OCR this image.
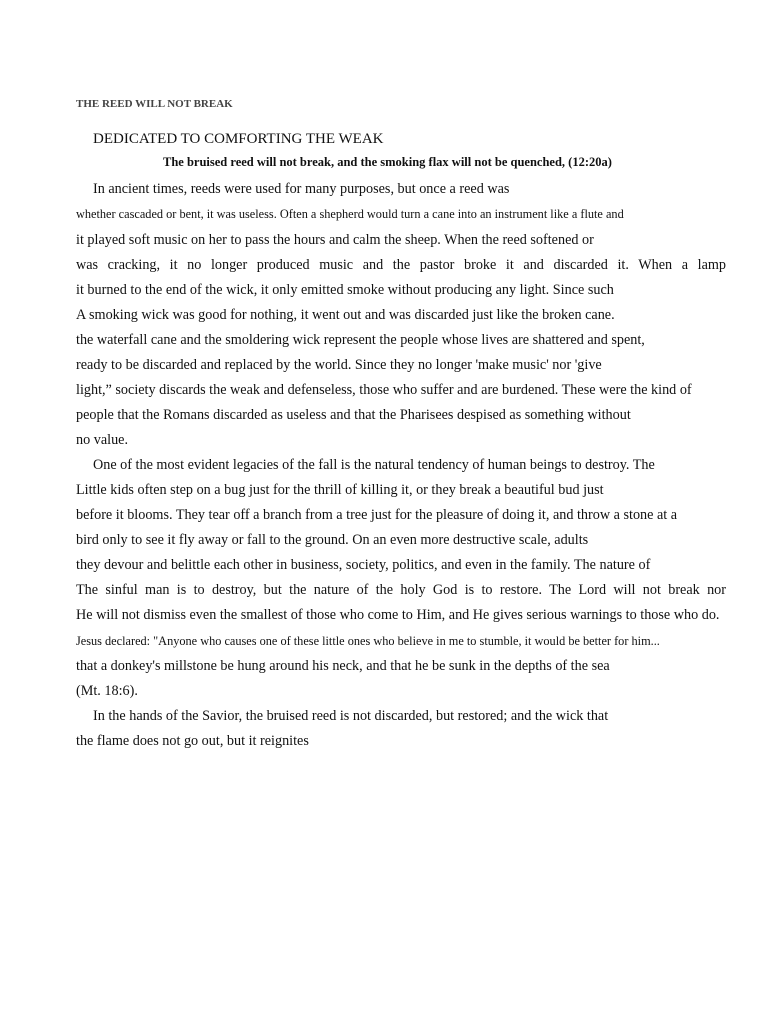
THE REED WILL NOT BREAK
DEDICATED TO COMFORTING THE WEAK
The bruised reed will not break, and the smoking flax will not be quenched, (12:20a)
In ancient times, reeds were used for many purposes, but once a reed was
whether cascaded or bent, it was useless. Often a shepherd would turn a cane into an instrument like a flute and
it played soft music on her to pass the hours and calm the sheep. When the reed softened or
was cracking, it no longer produced music and the pastor broke it and discarded it. When a lamp
it burned to the end of the wick, it only emitted smoke without producing any light. Since such
A smoking wick was good for nothing, it went out and was discarded just like the broken cane.
the waterfall cane and the smoldering wick represent the people whose lives are shattered and spent,
ready to be discarded and replaced by the world. Since they no longer 'make music' nor 'give
light,” society discards the weak and defenseless, those who suffer and are burdened. These were the kind of
people that the Romans discarded as useless and that the Pharisees despised as something without
no value.
One of the most evident legacies of the fall is the natural tendency of human beings to destroy. The
Little kids often step on a bug just for the thrill of killing it, or they break a beautiful bud just
before it blooms. They tear off a branch from a tree just for the pleasure of doing it, and throw a stone at a
bird only to see it fly away or fall to the ground. On an even more destructive scale, adults
they devour and belittle each other in business, society, politics, and even in the family. The nature of
The sinful man is to destroy, but the nature of the holy God is to restore. The Lord will not break nor
He will not dismiss even the smallest of those who come to Him, and He gives serious warnings to those who do.
Jesus declared: "Anyone who causes one of these little ones who believe in me to stumble, it would be better for him...
that a donkey's millstone be hung around his neck, and that he be sunk in the depths of the sea
(Mt. 18:6).
In the hands of the Savior, the bruised reed is not discarded, but restored; and the wick that
the flame does not go out, but it reignites
